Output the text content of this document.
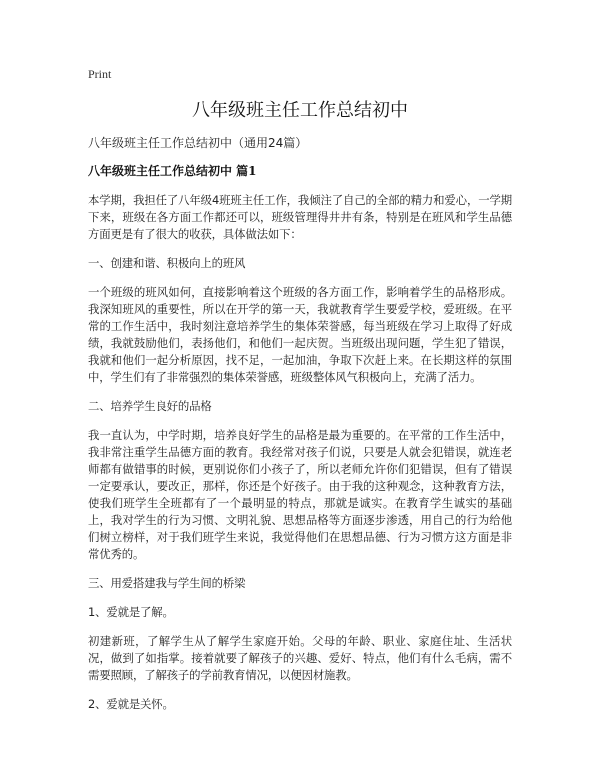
Print
八年级班主任工作总结初中
八年级班主任工作总结初中（通用24篇）
八年级班主任工作总结初中 篇1

本学期，我担任了八年级4班班主任工作，我倾注了自己的全部的精力和爱心，一学期下来，班级在各方面工作都还可以，班级管理得井井有条，特别是在班风和学生品德方面更是有了很大的收获，具体做法如下：

一、创建和谐、积极向上的班风

一个班级的班风如何，直接影响着这个班级的各方面工作，影响着学生的品格形成。我深知班风的重要性，所以在开学的第一天，我就教育学生要爱学校，爱班级。在平常的工作生活中，我时刻注意培养学生的集体荣誉感，每当班级在学习上取得了好成绩，我就鼓励他们，表扬他们，和他们一起庆贺。当班级出现问题，学生犯了错误，我就和他们一起分析原因，找不足，一起加油，争取下次赶上来。在长期这样的氛围中，学生们有了非常强烈的集体荣誉感，班级整体风气积极向上，充满了活力。

二、培养学生良好的品格

我一直认为，中学时期，培养良好学生的品格是最为重要的。在平常的工作生活中，我非常注重学生品德方面的教育。我经常对孩子们说，只要是人就会犯错误，就连老师都有做错事的时候，更别说你们小孩子了，所以老师允许你们犯错误，但有了错误一定要承认，要改正，那样，你还是个好孩子。由于我的这种观念，这种教育方法，使我们班学生全班都有了一个最明显的特点，那就是诚实。在教育学生诚实的基础上，我对学生的行为习惯、文明礼貌、思想品格等方面逐步渗透，用自己的行为给他们树立榜样，对于我们班学生来说，我觉得他们在思想品德、行为习惯方这方面是非常优秀的。

三、用爱搭建我与学生间的桥梁

1、爱就是了解。

初建新班，了解学生从了解学生家庭开始。父母的年龄、职业、家庭住址、生活状况，做到了如指掌。接着就要了解孩子的兴趣、爱好、特点，他们有什么毛病，需不需要照顾，了解孩子的学前教育情况，以便因材施教。

2、爱就是关怀。
